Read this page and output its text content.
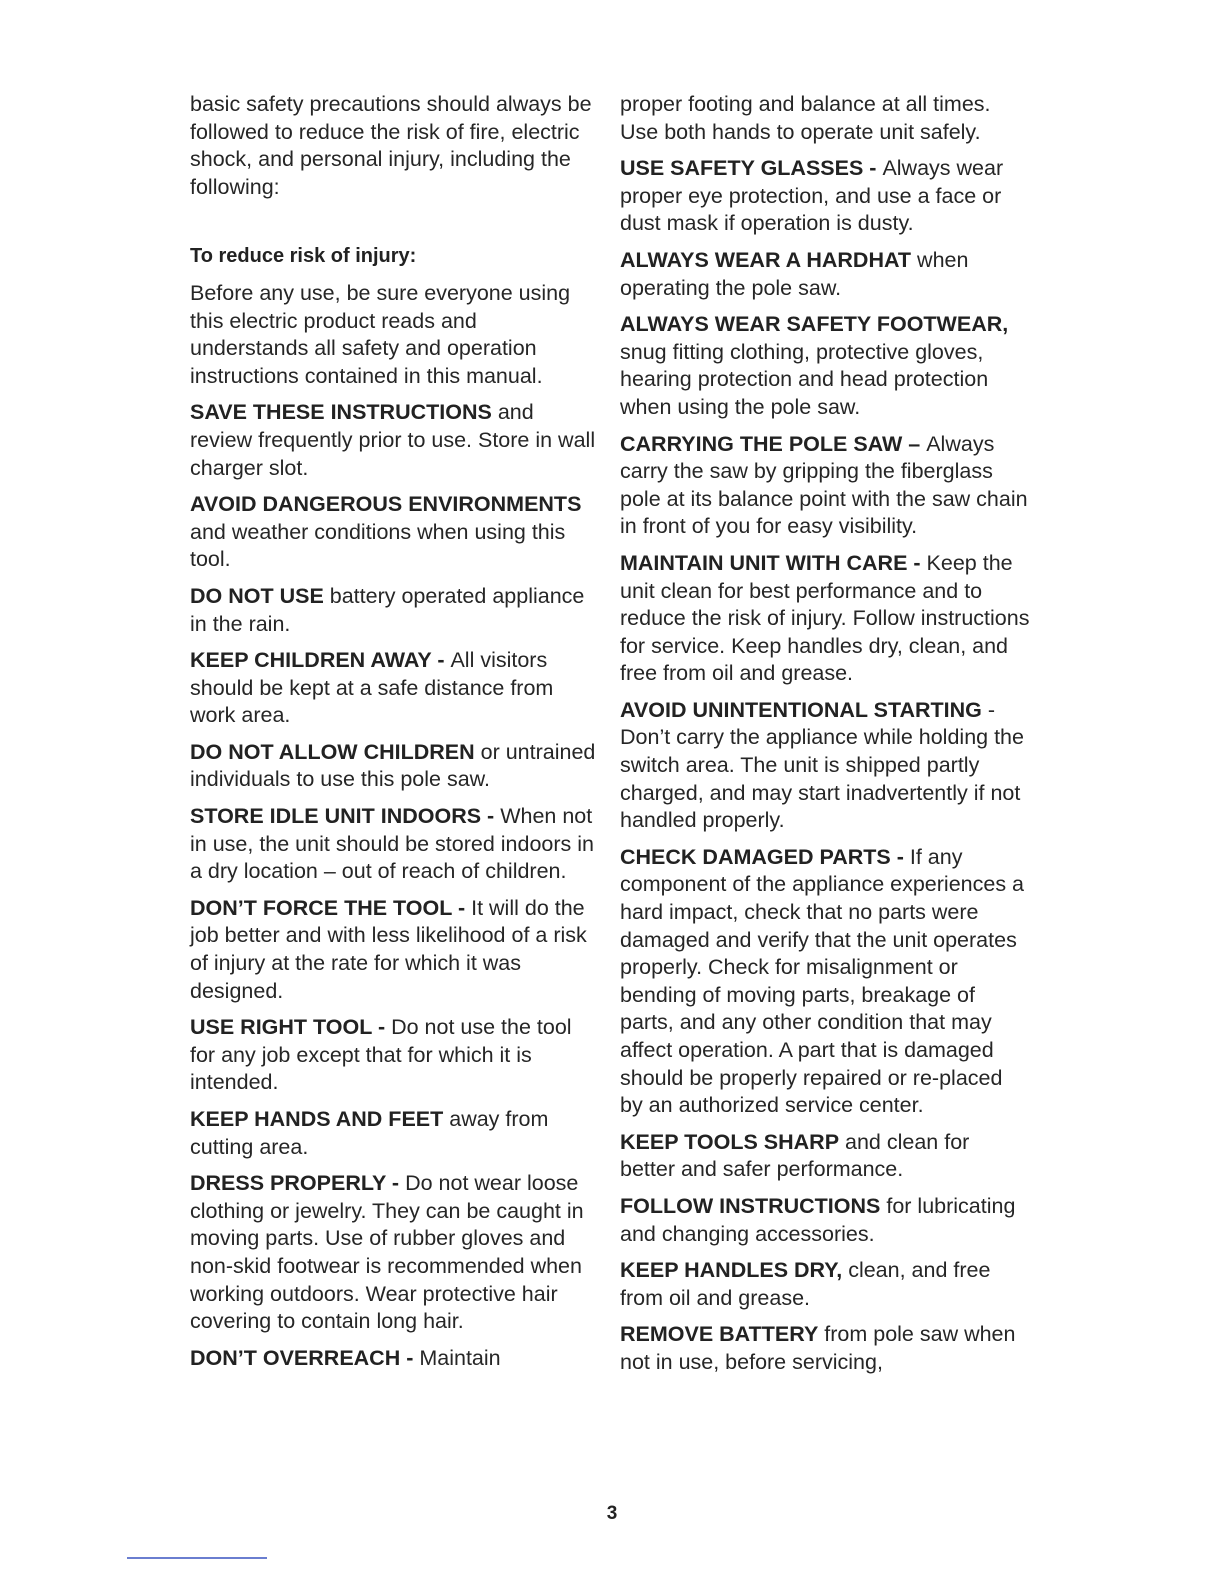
basic safety precautions should always be followed to reduce the risk of fire, electric shock, and personal injury, including the following:

To reduce risk of injury:

Before any use, be sure everyone using this electric product reads and understands all safety and operation instructions contained in this manual.

SAVE THESE INSTRUCTIONS and review frequently prior to use. Store in wall charger slot.

AVOID DANGEROUS ENVIRONMENTS and weather conditions when using this tool.

DO NOT USE battery operated appliance in the rain.

KEEP CHILDREN AWAY - All visitors should be kept at a safe distance from work area.

DO NOT ALLOW CHILDREN or untrained individuals to use this pole saw.

STORE IDLE UNIT INDOORS - When not in use, the unit should be stored indoors in a dry location – out of reach of children.

DON’T FORCE THE TOOL - It will do the job better and with less likelihood of a risk of injury at the rate for which it was designed.

USE RIGHT TOOL - Do not use the tool for any job except that for which it is intended.

KEEP HANDS AND FEET away from cutting area.

DRESS PROPERLY - Do not wear loose clothing or jewelry. They can be caught in moving parts. Use of rubber gloves and non-skid footwear is recommended when working outdoors. Wear protective hair covering to contain long hair.

DON’T OVERREACH - Maintain

proper footing and balance at all times. Use both hands to operate unit safely.

USE SAFETY GLASSES - Always wear proper eye protection, and use a face or dust mask if operation is dusty.

ALWAYS WEAR A HARDHAT when operating the pole saw.

ALWAYS WEAR SAFETY FOOTWEAR, snug fitting clothing, protective gloves, hearing protection and head protection when using the pole saw.

CARRYING THE POLE SAW – Always carry the saw by gripping the fiberglass pole at its balance point with the saw chain in front of you for easy visibility.

MAINTAIN UNIT WITH CARE - Keep the unit clean for best performance and to reduce the risk of injury. Follow instructions for service. Keep handles dry, clean, and free from oil and grease.

AVOID UNINTENTIONAL STARTING - Don’t carry the appliance while holding the switch area. The unit is shipped partly charged, and may start inadvertently if not handled properly.

CHECK DAMAGED PARTS - If any component of the appliance experiences a hard impact, check that no parts were damaged and verify that the unit operates properly. Check for misalignment or bending of moving parts, breakage of parts, and any other condition that may affect operation. A part that is damaged should be properly repaired or re-placed by an authorized service center.

KEEP TOOLS SHARP and clean for better and safer performance.

FOLLOW INSTRUCTIONS for lubricating and changing accessories.

KEEP HANDLES DRY, clean, and free from oil and grease.

REMOVE BATTERY from pole saw when not in use, before servicing,

3
